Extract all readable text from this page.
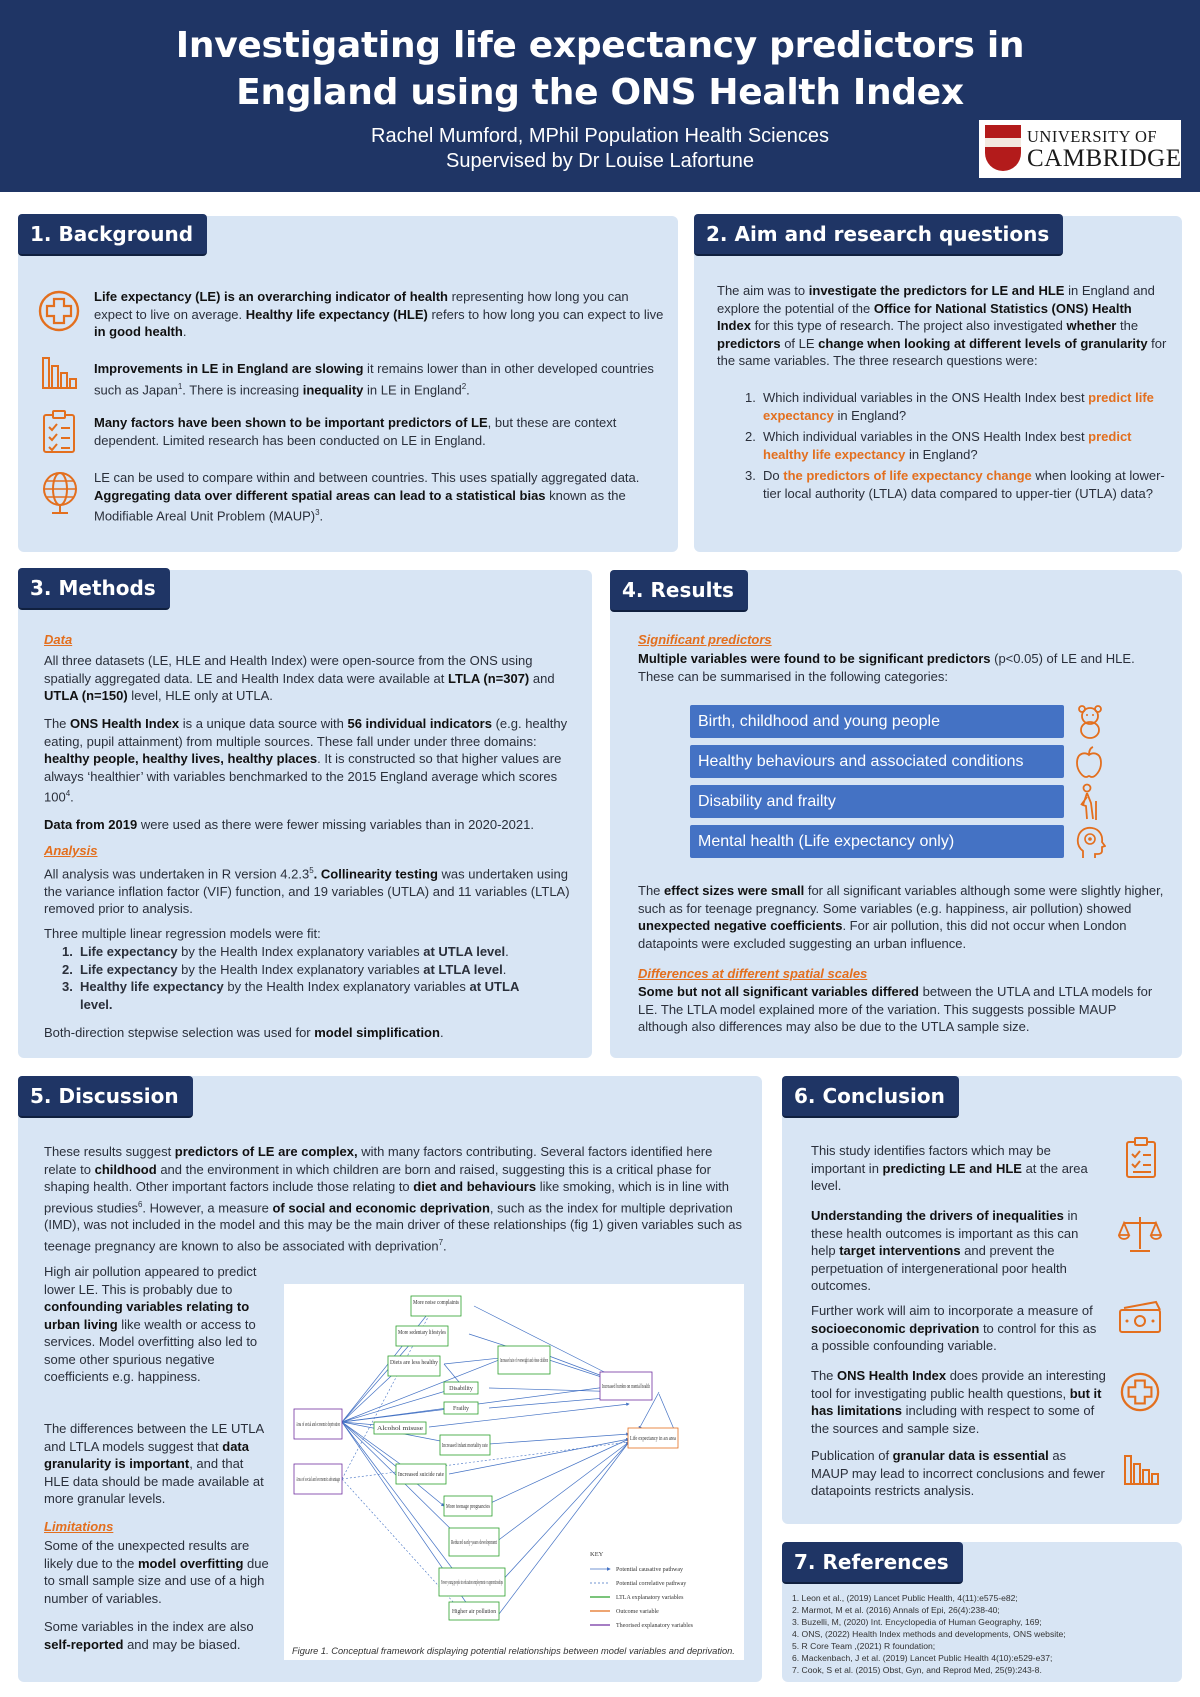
Investigating life expectancy predictors in
England using the ONS Health Index
Rachel Mumford, MPhil Population Health Sciences
Supervised by Dr Louise Lafortune
UNIVERSITY OF
CAMBRIDGE
1. Background
Life expectancy (LE) is an overarching indicator of health representing how long you can expect to live on average. Healthy life expectancy (HLE) refers to how long you can expect to live in good health.
Improvements in LE in England are slowing it remains lower than in other developed countries such as Japan$^1$. There is increasing inequality in LE in England$^2$.
Many factors have been shown to be important predictors of LE, but these are context dependent. Limited research has been conducted on LE in England.
LE can be used to compare within and between countries. This uses spatially aggregated data. Aggregating data over different spatial areas can lead to a statistical bias known as the Modifiable Areal Unit Problem (MAUP)$^3$.
2. Aim and research questions
The aim was to investigate the predictors for LE and HLE in England and explore the potential of the Office for National Statistics (ONS) Health Index for this type of research. The project also investigated whether the predictors of LE change when looking at different levels of granularity for the same variables. The three research questions were:
1. Which individual variables in the ONS Health Index best predict life expectancy in England?
2. Which individual variables in the ONS Health Index best predict healthy life expectancy in England?
3. Do the predictors of life expectancy change when looking at lower-tier local authority (LTLA) data compared to upper-tier (UTLA) data?
3. Methods
Data
All three datasets (LE, HLE and Health Index) were open-source from the ONS using spatially aggregated data. LE and Health Index data were available at LTLA (n=307) and UTLA (n=150) level, HLE only at UTLA.
The ONS Health Index is a unique data source with 56 individual indicators (e.g. healthy eating, pupil attainment) from multiple sources. These fall under under three domains: healthy people, healthy lives, healthy places. It is constructed so that higher values are always ‘healthier’ with variables benchmarked to the 2015 England average which scores $100^4$.
Data from 2019 were used as there were fewer missing variables than in 2020-2021.
Analysis
All analysis was undertaken in R version 4.2.3$^5$. Collinearity testing was undertaken using the variance inflation factor (VIF) function, and 19 variables (UTLA) and 11 variables (LTLA) removed prior to analysis.
Three multiple linear regression models were fit:
1. Life expectancy by the Health Index explanatory variables at UTLA level.
2. Life expectancy by the Health Index explanatory variables at LTLA level.
3. Healthy life expectancy by the Health Index explanatory variables at UTLA level.
Both-direction stepwise selection was used for model simplification.
4. Results
Significant predictors
Multiple variables were found to be significant predictors (p<0.05) of LE and HLE. These can be summarised in the following categories:
Birth, childhood and young people
Healthy behaviours and associated conditions
Disability and frailty
Mental health (Life expectancy only)
The effect sizes were small for all significant variables although some were slightly higher, such as for teenage pregnancy. Some variables (e.g. happiness, air pollution) showed unexpected negative coefficients. For air pollution, this did not occur when London datapoints were excluded suggesting an urban influence.
Differences at different spatial scales
Some but not all significant variables differed between the UTLA and LTLA models for LE. The LTLA model explained more of the variation. This suggests possible MAUP although also differences may also be due to the UTLA sample size.
5. Discussion
These results suggest predictors of LE are complex, with many factors contributing. Several factors identified here relate to childhood and the environment in which children are born and raised, suggesting this is a critical phase for shaping health. Other important factors include those relating to diet and behaviours like smoking, which is in line with previous studies$^6$. However, a measure of social and economic deprivation, such as the index for multiple deprivation (IMD), was not included in the model and this may be the main driver of these relationships (fig 1) given variables such as teenage pregnancy are known to also be associated with deprivation$^7$.
High air pollution appeared to predict lower LE. This is probably due to confounding variables relating to urban living like wealth or access to services. Model overfitting also led to some other spurious negative coefficients e.g. happiness.
The differences between the LE UTLA and LTLA models suggest that data granularity is important, and that HLE data should be made available at more granular levels.
Limitations
Some of the unexpected results are likely due to the model overfitting due to small sample size and use of a high number of variables.
Some variables in the index are also self-reported and may be biased.
More noise complaints
More sedentary lifestyles
Diets are less healthy
Disability
Frailty
Alcohol misuse
Increased infant mortality rate
Increased suicide rate
More teenage pregnancies
Reduced early years development
Fewer young people in education employment or apprenticeships
Higher air pollution
Increased rate of overweight and obese children
Increased burden on mental health
Life expectancy in an area
Area of social and economic deprivation
Area of social and economic advantage
KEY
Potential causative pathway
Potential correlative pathway
LTLA explanatory variables
Outcome variable
Theorised explanatory variables
Figure 1. Conceptual framework displaying potential relationships between model variables and deprivation.
6. Conclusion
This study identifies factors which may be important in predicting LE and HLE at the area level.
Understanding the drivers of inequalities in these health outcomes is important as this can help target interventions and prevent the perpetuation of intergenerational poor health outcomes.
Further work will aim to incorporate a measure of socioeconomic deprivation to control for this as a possible confounding variable.
The ONS Health Index does provide an interesting tool for investigating public health questions, but it has limitations including with respect to some of the sources and sample size.
Publication of granular data is essential as MAUP may lead to incorrect conclusions and fewer datapoints restricts analysis.
7. References
1. Leon et al., (2019) Lancet Public Health, 4(11):e575-e82;
2. Marmot, M et al. (2016) Annals of Epi, 26(4):238-40;
3. Buzelli, M, (2020) Int. Encyclopedia of Human Geography, 169;
4. ONS, (2022) Health Index methods and developments, ONS website;
5. R Core Team ,(2021) R foundation;
6. Mackenbach, J et al. (2019) Lancet Public Health 4(10):e529-e37;
7. Cook, S et al. (2015) Obst, Gyn, and Reprod Med, 25(9):243-8.
